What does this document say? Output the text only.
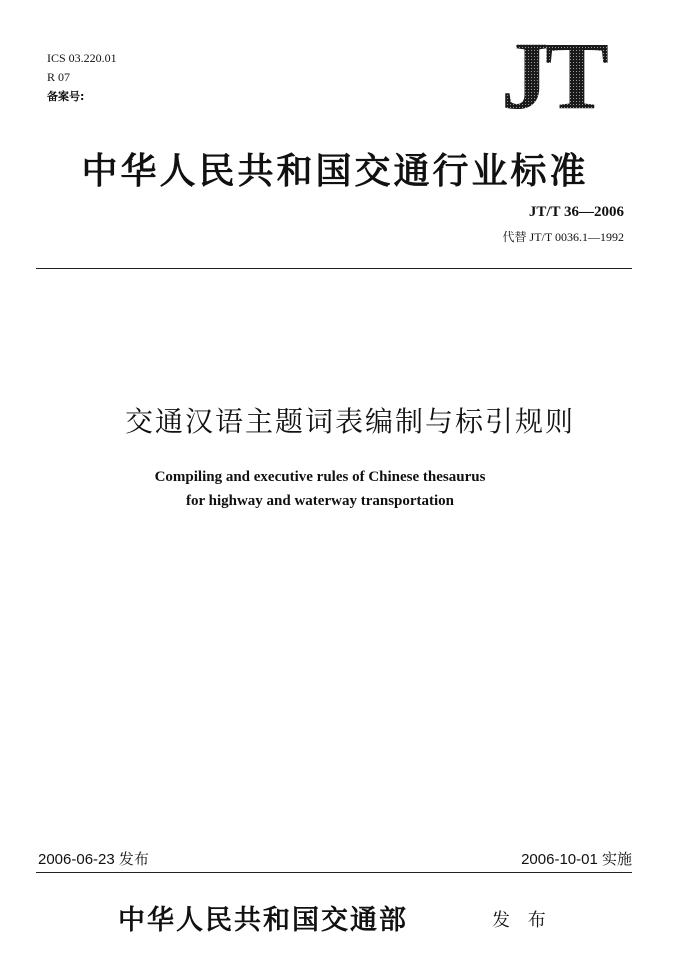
ICS 03.220.01
R 07
备案号:	JT
中华人民共和国交通行业标准
JT/T 36—2006
代替 JT/T 0036.1—1992
交通汉语主题词表编制与标引规则
Compiling and executive rules of Chinese thesaurus
for highway and waterway transportation
2006-06-23 发布	2006-10-01 实施
中华人民共和国交通部	发 布
